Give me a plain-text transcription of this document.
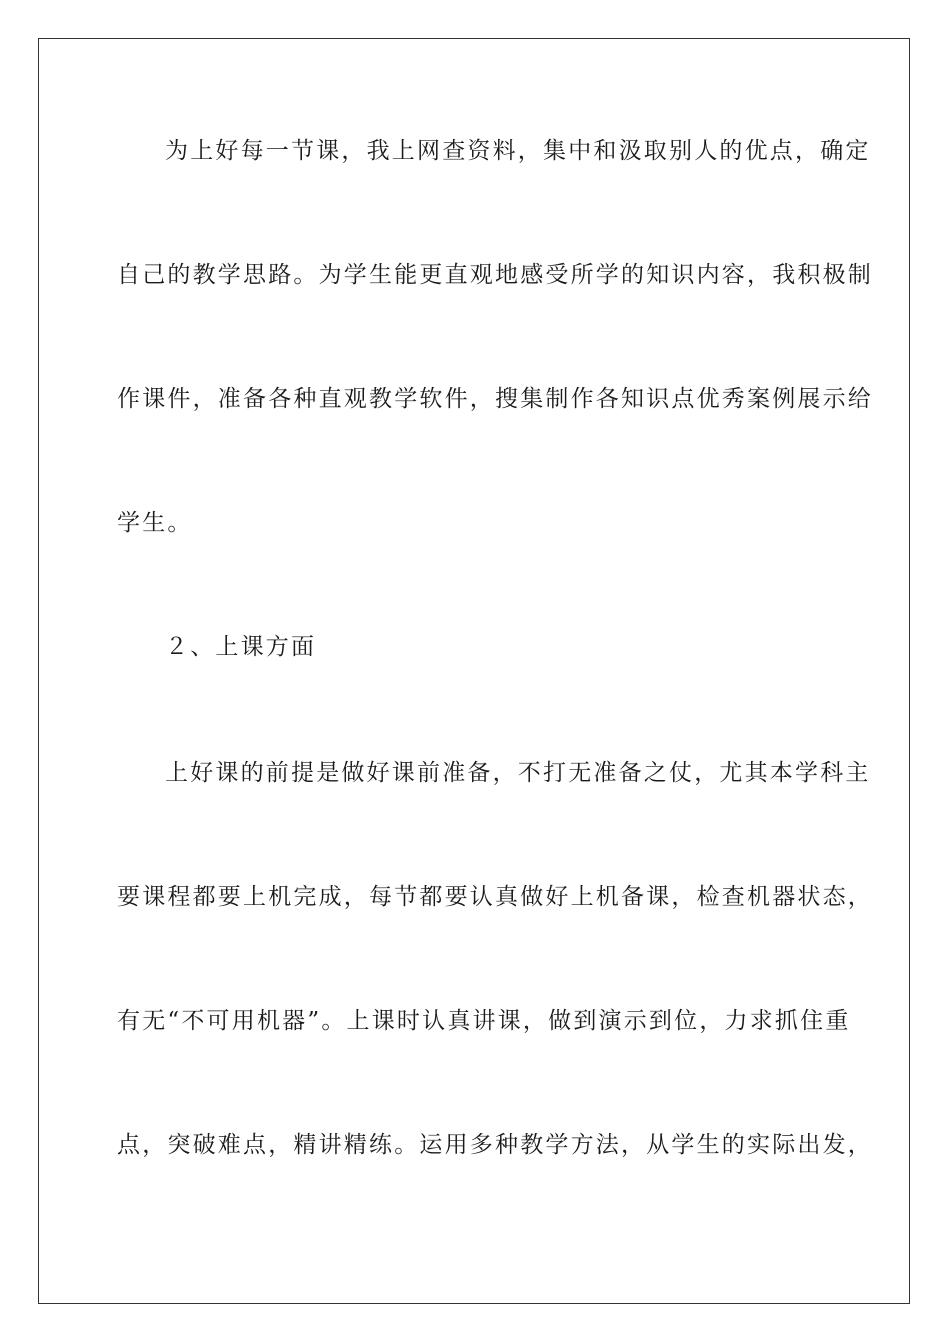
为上好每一节课，我上网查资料，集中和汲取别人的优点，确定
自己的教学思路。为学生能更直观地感受所学的知识内容，我积极制
作课件，准备各种直观教学软件，搜集制作各知识点优秀案例展示给
学生。
２、上课方面
上好课的前提是做好课前准备，不打无准备之仗，尤其本学科主
要课程都要上机完成，每节都要认真做好上机备课，检查机器状态，
有无“不可用机器”。上课时认真讲课，做到演示到位，力求抓住重
点，突破难点，精讲精练。运用多种教学方法，从学生的实际出发，
